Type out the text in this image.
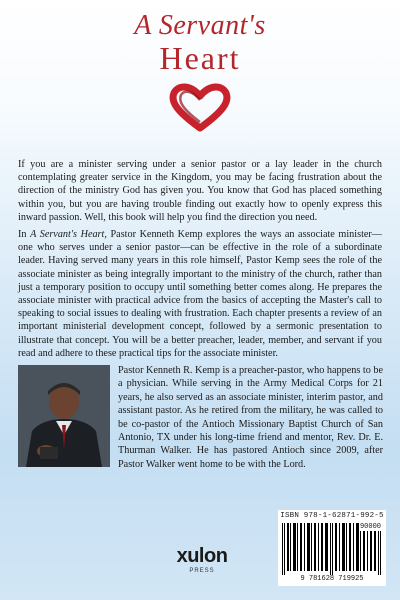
A Servant's
Heart

If you are a minister serving under a senior pastor or a lay leader in the church contemplating greater service in the Kingdom, you may be facing frustration about the direction of the ministry God has given you. You know that God has placed something within you, but you are having trouble finding out exactly how to openly express this inward passion. Well, this book will help you find the direction you need.

In A Servant's Heart, Pastor Kenneth Kemp explores the ways an associate minister—one who serves under a senior pastor—can be effective in the role of a subordinate leader. Having served many years in this role himself, Pastor Kemp sees the role of the associate minister as being integrally important to the ministry of the church, rather than just a temporary position to occupy until something better comes along. He prepares the associate minister with practical advice from the basics of accepting the Master's call to speaking to social issues to dealing with frustration. Each chapter presents a review of an important ministerial development concept, followed by a sermonic presentation to illustrate that concept. You will be a better preacher, leader, member, and servant if you read and adhere to these practical tips for the associate minister.

Pastor Kenneth R. Kemp is a preacher-pastor, who happens to be a physician. While serving in the Army Medical Corps for 21 years, he also served as an associate minister, interim pastor, and assistant pastor. As he retired from the military, he was called to be co-pastor of the Antioch Missionary Baptist Church of San Antonio, TX under his long-time friend and mentor, Rev. Dr. E. Thurman Walker. He has pastored Antioch since 2009, after Pastor Walker went home to be with the Lord.

xulon
PRESS
ISBN 978-1-62871-992-5
90000
9 781628 719925
